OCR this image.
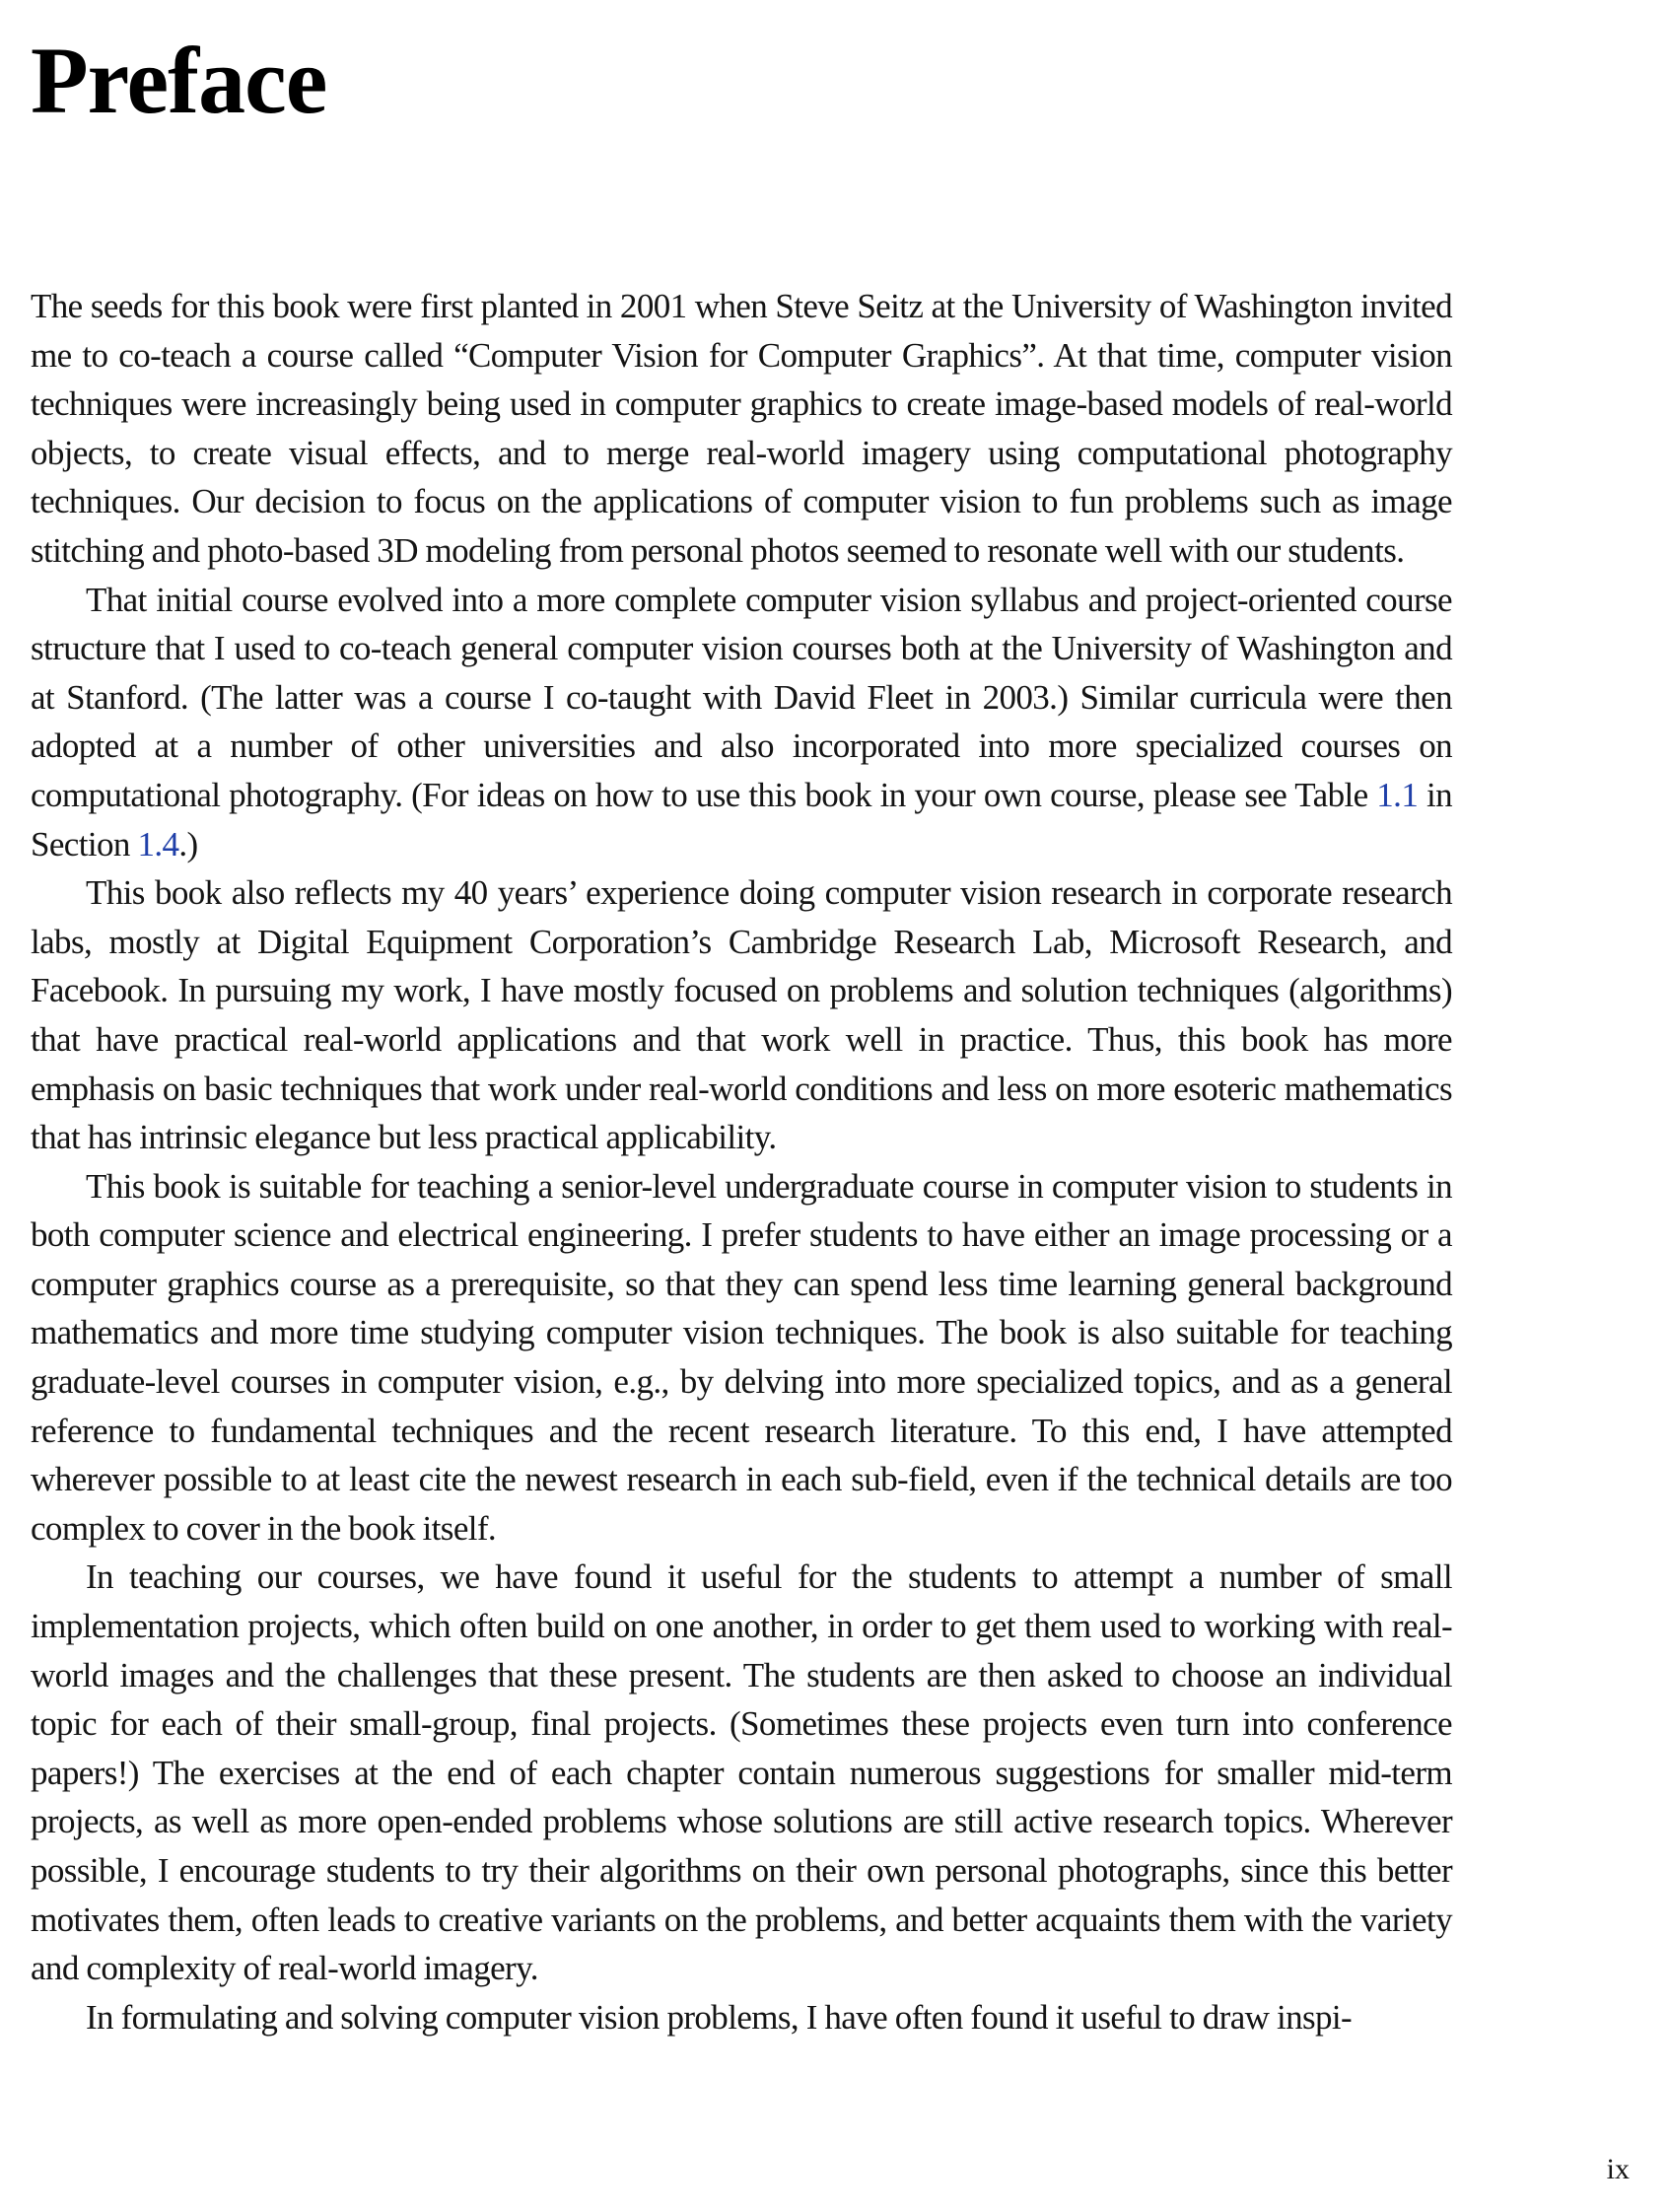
Preface

The seeds for this book were first planted in 2001 when Steve Seitz at the University of Washington invited me to co-teach a course called “Computer Vision for Computer Graphics”. At that time, computer vision techniques were increasingly being used in computer graphics to create image-based models of real-world objects, to create visual effects, and to merge real-world imagery using computational photography techniques. Our decision to focus on the applications of computer vision to fun problems such as image stitching and photo-based 3D modeling from personal photos seemed to resonate well with our students.

That initial course evolved into a more complete computer vision syllabus and project-oriented course structure that I used to co-teach general computer vision courses both at the University of Washington and at Stanford. (The latter was a course I co-taught with David Fleet in 2003.) Similar curricula were then adopted at a number of other universities and also incorporated into more specialized courses on computational photography. (For ideas on how to use this book in your own course, please see Table 1.1 in Section 1.4.)

This book also reflects my 40 years’ experience doing computer vision research in corporate research labs, mostly at Digital Equipment Corporation’s Cambridge Research Lab, Microsoft Research, and Facebook. In pursuing my work, I have mostly focused on problems and solution techniques (algorithms) that have practical real-world applications and that work well in practice. Thus, this book has more emphasis on basic techniques that work under real-world conditions and less on more esoteric mathematics that has intrinsic elegance but less practical applicability.

This book is suitable for teaching a senior-level undergraduate course in computer vision to students in both computer science and electrical engineering. I prefer students to have either an image processing or a computer graphics course as a prerequisite, so that they can spend less time learning general background mathematics and more time studying computer vision techniques. The book is also suitable for teaching graduate-level courses in computer vision, e.g., by delving into more specialized topics, and as a general reference to fundamental techniques and the recent research literature. To this end, I have attempted wherever possible to at least cite the newest research in each sub-field, even if the technical details are too complex to cover in the book itself.

In teaching our courses, we have found it useful for the students to attempt a number of small implementation projects, which often build on one another, in order to get them used to working with real-world images and the challenges that these present. The students are then asked to choose an individual topic for each of their small-group, final projects. (Sometimes these projects even turn into conference papers!) The exercises at the end of each chapter contain numerous suggestions for smaller mid-term projects, as well as more open-ended problems whose solutions are still active research topics. Wherever possible, I encourage students to try their algorithms on their own personal photographs, since this better motivates them, often leads to creative variants on the problems, and better acquaints them with the variety and complexity of real-world imagery.

In formulating and solving computer vision problems, I have often found it useful to draw inspi-

ix
